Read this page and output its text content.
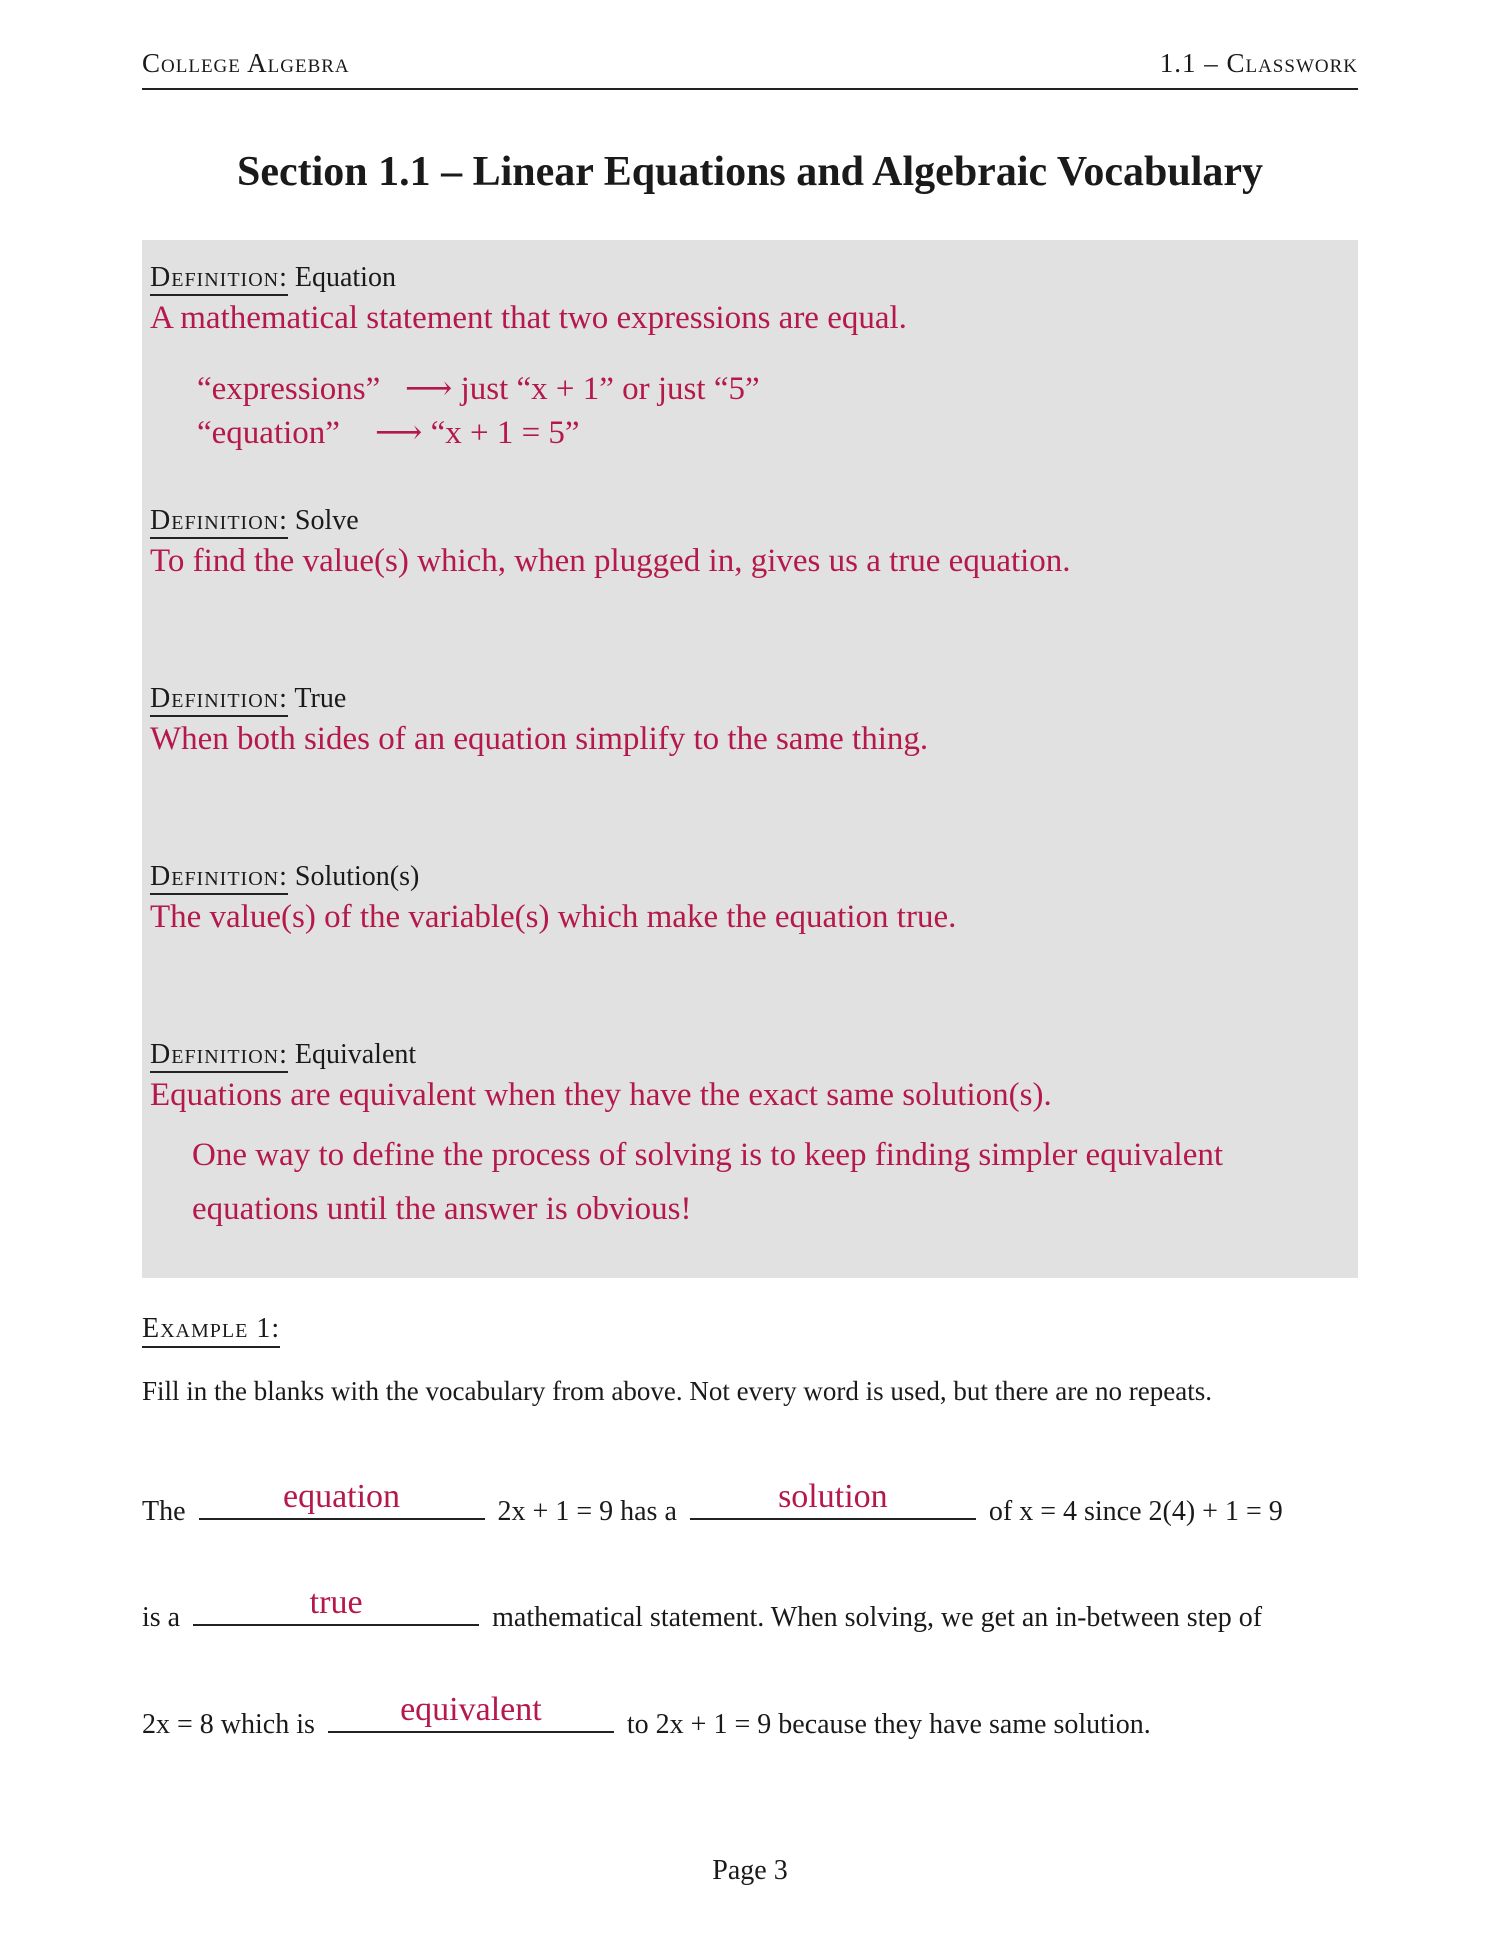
College Algebra	1.1 – Classwork
Section 1.1 – Linear Equations and Algebraic Vocabulary
Definition: Equation
A mathematical statement that two expressions are equal.
“expressions” ⟶ just “x + 1” or just “5”
“equation” ⟶ “x + 1 = 5”
Definition: Solve
To find the value(s) which, when plugged in, gives us a true equation.
Definition: True
When both sides of an equation simplify to the same thing.
Definition: Solution(s)
The value(s) of the variable(s) which make the equation true.
Definition: Equivalent
Equations are equivalent when they have the exact same solution(s).
One way to define the process of solving is to keep finding simpler equivalent equations until the answer is obvious!
Example 1:
Fill in the blanks with the vocabulary from above. Not every word is used, but there are no repeats.
The	equation	2x + 1 = 9 has a	solution	of x = 4 since 2(4) + 1 = 9
is a	true	mathematical statement. When solving, we get an in-between step of
2x = 8 which is	equivalent	to 2x + 1 = 9 because they have same solution.
Page 3
